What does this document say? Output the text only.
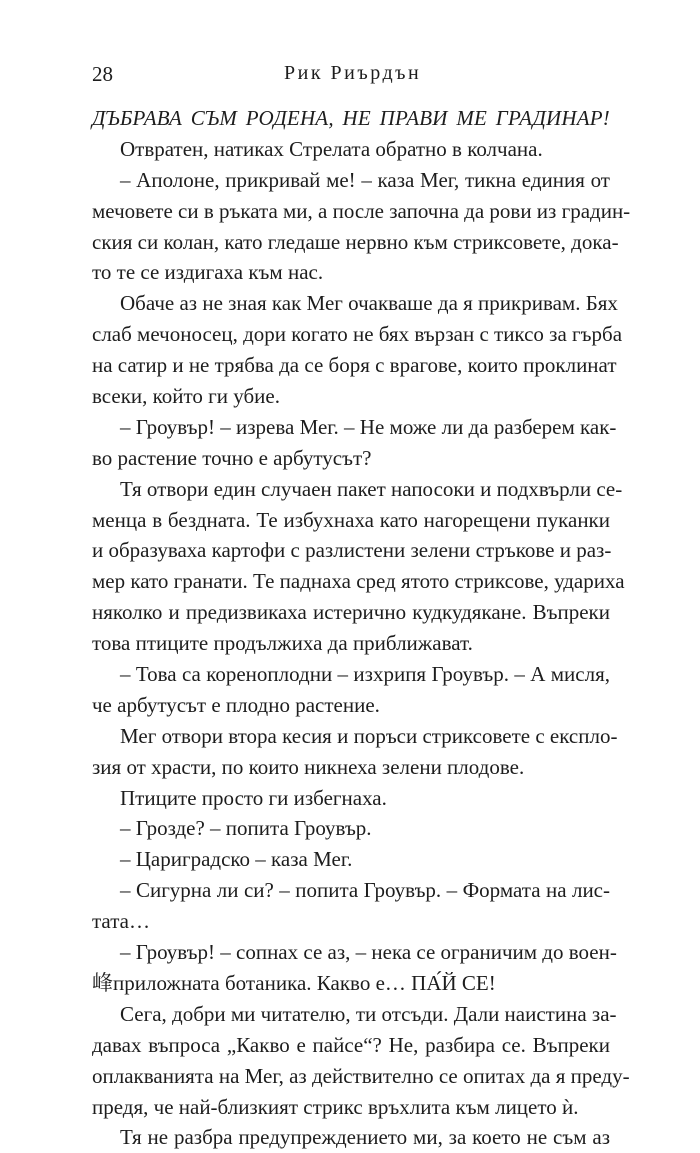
28	Рик Риърдън
ДЪБРАВА СЪМ РОДЕНА, НЕ ПРАВИ МЕ ГРАДИНАР!
Отвратен, натиках Стрелата обратно в колчана.
– Аполоне, прикривай ме! – каза Мег, тикна единия от
мечовете си в ръката ми, а после започна да рови из градин-
ския си колан, като гледаше нервно към стриксовете, дока-
то те се издигаха към нас.
Обаче аз не зная как Мег очакваше да я прикривам. Бях
слаб мечоносец, дори когато не бях вързан с тиксо за гърба
на сатир и не трябва да се боря с врагове, които проклинат
всеки, който ги убие.
– Гроувър! – изрева Мег. – Не може ли да разберем как-
во растение точно е арбутусът?
Тя отвори един случаен пакет напосоки и подхвърли се-
менца в бездната. Те избухнаха като нагорещени пуканки
и образуваха картофи с разлистени зелени стръкове и раз-
мер като гранати. Те паднаха сред ятото стриксове, удариха
няколко и предизвикаха истерично кудкудякане. Въпреки
това птиците продължиха да приближават.
– Това са кореноплодни – изхрипя Гроувър. – А мисля,
че арбутусът е плодно растение.
Мег отвори втора кесия и поръси стриксовете с експло-
зия от храсти, по които никнеха зелени плодове.
Птиците просто ги избегнаха.
– Грозде? – попита Гроувър.
– Цариградско – каза Мег.
– Сигурна ли си? – попита Гроувър. – Формата на лис-
тата…
– Гроувър! – сопнах се аз, – нека се ограничим до воен-
峰приложната ботаника. Какво е… ПА́Й СЕ!
Сега, добри ми читателю, ти отсъди. Дали наистина за-
давах въпроса „Какво е пайсе“? Не, разбира се. Въпреки
оплакванията на Мег, аз действително се опитах да я преду-
предя, че най-близкият стрикс връхлита към лицето ѝ.
Тя не разбра предупреждението ми, за което не съм аз
